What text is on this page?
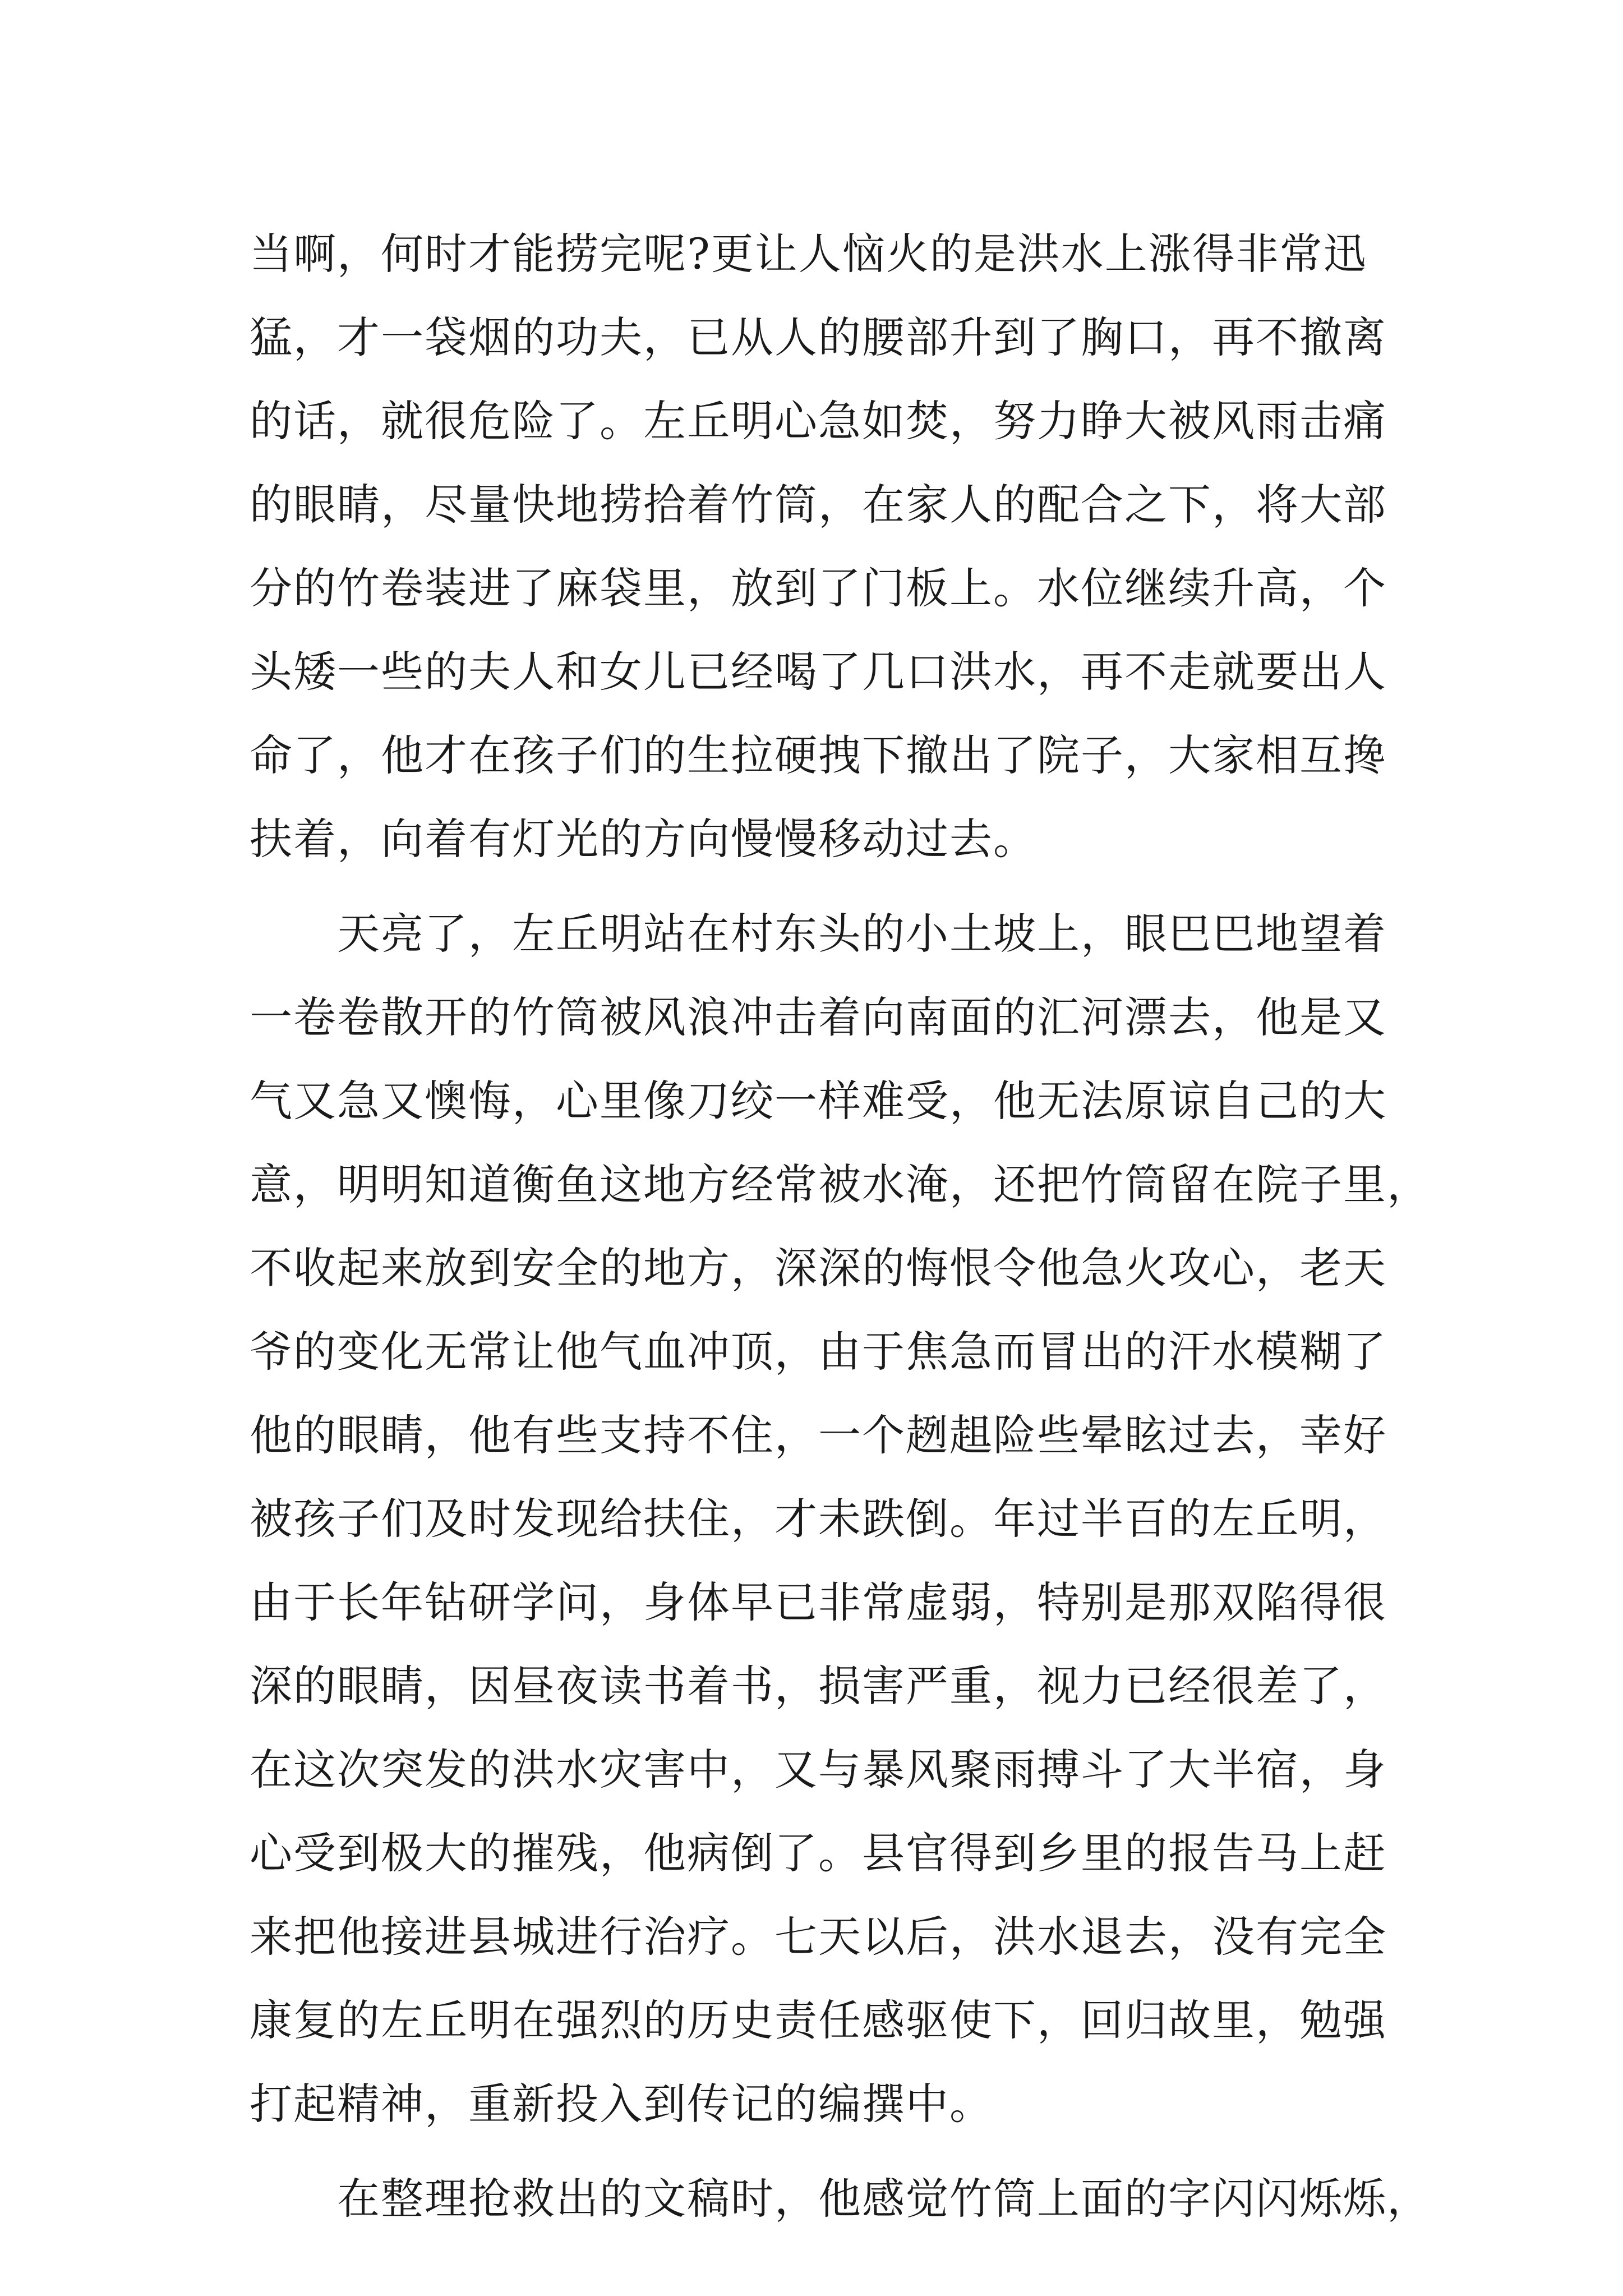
当啊，何时才能捞完呢?更让人恼火的是洪水上涨得非常迅
猛，才一袋烟的功夫，已从人的腰部升到了胸口，再不撤离
的话，就很危险了。左丘明心急如焚，努力睁大被风雨击痛
的眼睛，尽量快地捞拾着竹筒，在家人的配合之下，将大部
分的竹卷装进了麻袋里，放到了门板上。水位继续升高，个
头矮一些的夫人和女儿已经喝了几口洪水，再不走就要出人
命了，他才在孩子们的生拉硬拽下撤出了院子，大家相互搀
扶着，向着有灯光的方向慢慢移动过去。
　　天亮了，左丘明站在村东头的小土坡上，眼巴巴地望着
一卷卷散开的竹筒被风浪冲击着向南面的汇河漂去，他是又
气又急又懊悔，心里像刀绞一样难受，他无法原谅自己的大
意，明明知道衡鱼这地方经常被水淹，还把竹筒留在院子里，
不收起来放到安全的地方，深深的悔恨令他急火攻心，老天
爷的变化无常让他气血冲顶，由于焦急而冒出的汗水模糊了
他的眼睛，他有些支持不住，一个趔趄险些晕眩过去，幸好
被孩子们及时发现给扶住，才未跌倒。年过半百的左丘明，
由于长年钻研学问，身体早已非常虚弱，特别是那双陷得很
深的眼睛，因昼夜读书着书，损害严重，视力已经很差了，
在这次突发的洪水灾害中，又与暴风聚雨搏斗了大半宿，身
心受到极大的摧残，他病倒了。县官得到乡里的报告马上赶
来把他接进县城进行治疗。七天以后，洪水退去，没有完全
康复的左丘明在强烈的历史责任感驱使下，回归故里，勉强
打起精神，重新投入到传记的编撰中。
　　在整理抢救出的文稿时，他感觉竹筒上面的字闪闪烁烁，
